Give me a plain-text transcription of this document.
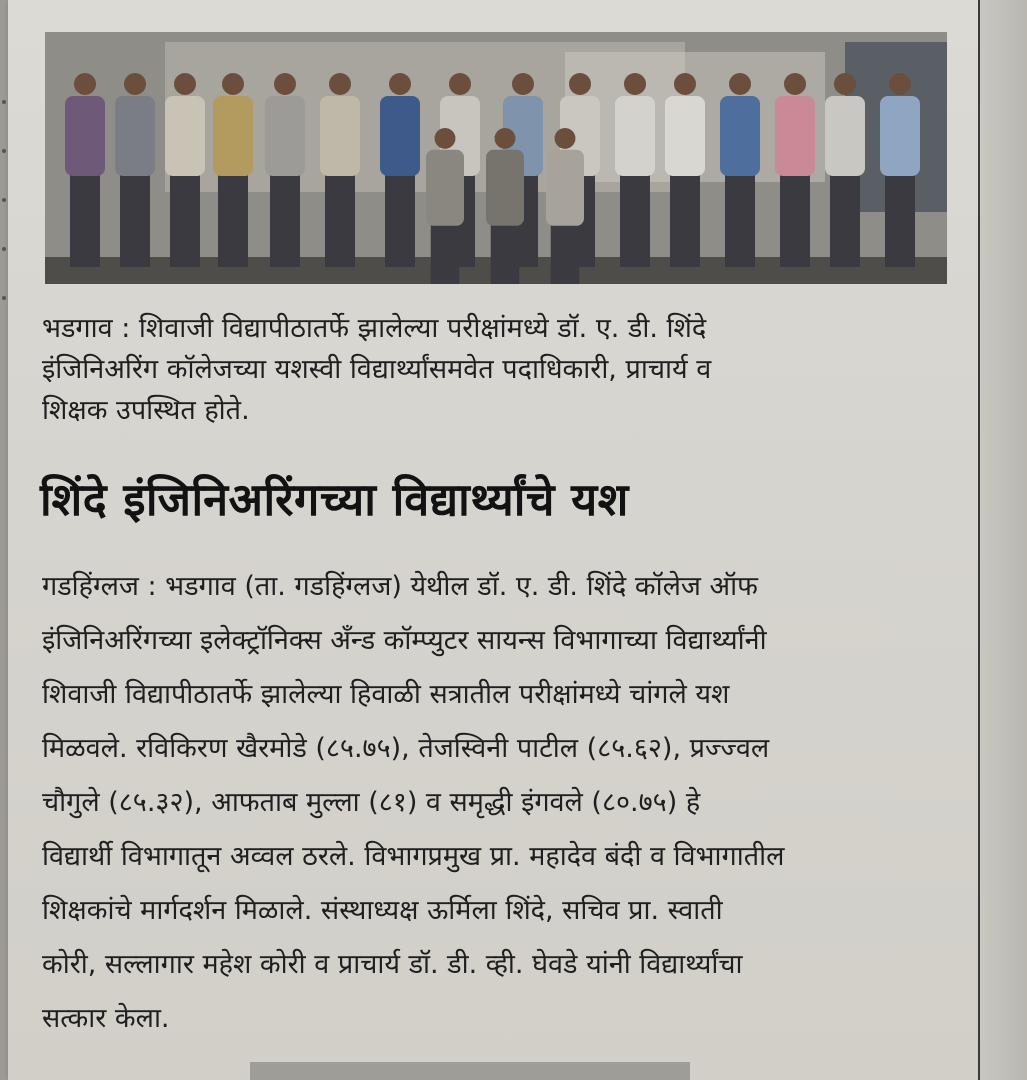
भडगाव : शिवाजी विद्यापीठातर्फे झालेल्या परीक्षांमध्ये डॉ. ए. डी. शिंदे
इंजिनिअरिंग कॉलेजच्या यशस्वी विद्यार्थ्यांसमवेत पदाधिकारी, प्राचार्य व
शिक्षक उपस्थित होते.
शिंदे इंजिनिअरिंगच्या विद्यार्थ्यांचे यश
गडहिंग्लज : भडगाव (ता. गडहिंग्लज) येथील डॉ. ए. डी. शिंदे कॉलेज ऑफ
इंजिनिअरिंगच्या इलेक्ट्रॉनिक्स अँन्ड कॉम्प्युटर सायन्स विभागाच्या विद्यार्थ्यांनी
शिवाजी विद्यापीठातर्फे झालेल्या हिवाळी सत्रातील परीक्षांमध्ये चांगले यश
मिळवले. रविकिरण खैरमोडे (८५.७५), तेजस्विनी पाटील (८५.६२), प्रज्ज्वल
चौगुले (८५.३२), आफताब मुल्ला (८१) व समृद्धी इंगवले (८०.७५) हे
विद्यार्थी विभागातून अव्वल ठरले. विभागप्रमुख प्रा. महादेव बंदी व विभागातील
शिक्षकांचे मार्गदर्शन मिळाले. संस्थाध्यक्ष ऊर्मिला शिंदे, सचिव प्रा. स्वाती
कोरी, सल्लागार महेश कोरी व प्राचार्य डॉ. डी. व्ही. घेवडे यांनी विद्यार्थ्यांचा
सत्कार केला.
